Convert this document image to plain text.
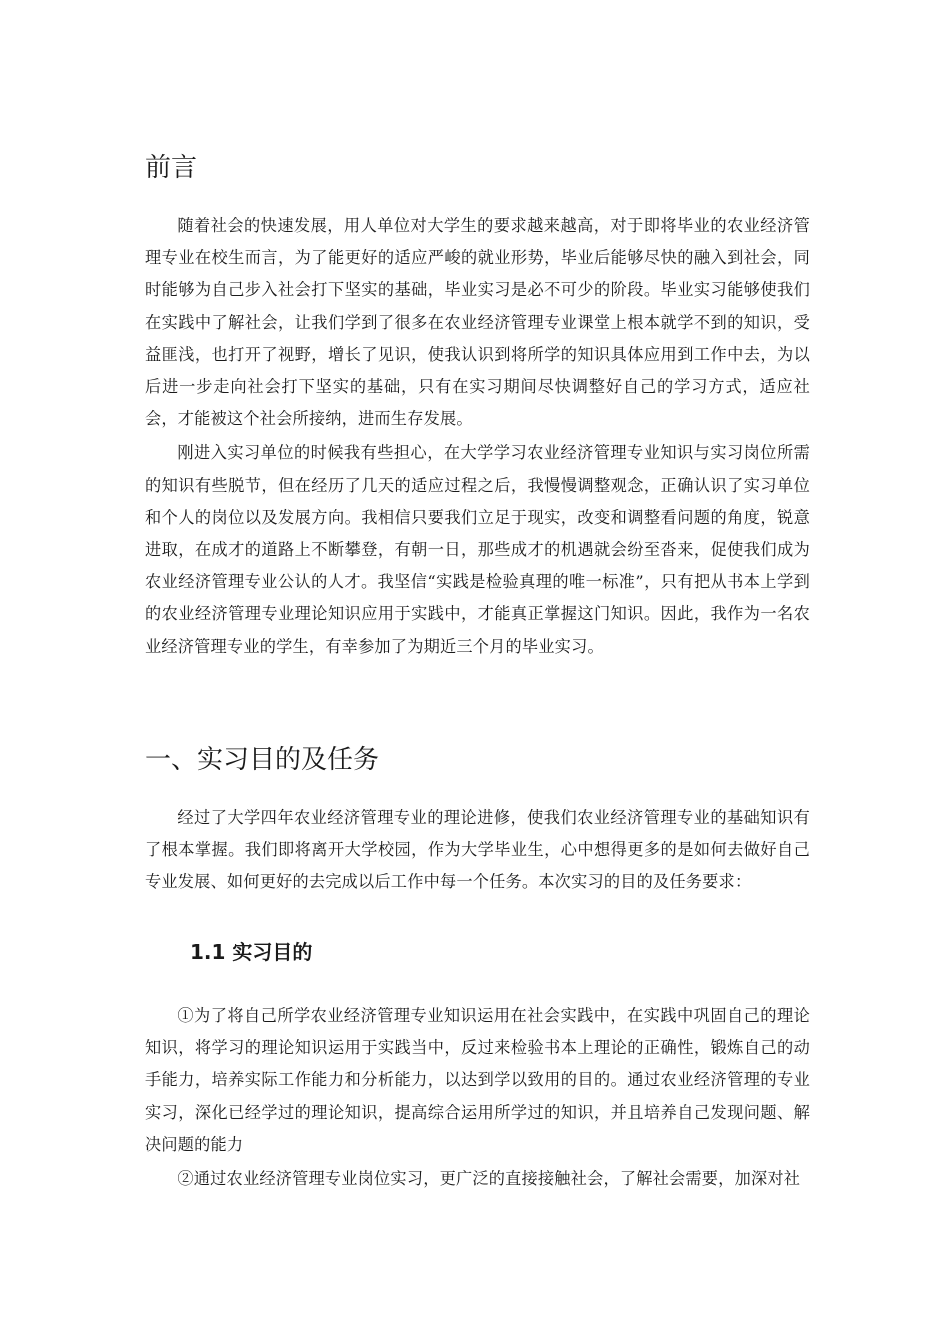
前言

随着社会的快速发展，用人单位对大学生的要求越来越高，对于即将毕业的农业经济管理专业在校生而言，为了能更好的适应严峻的就业形势，毕业后能够尽快的融入到社会，同时能够为自己步入社会打下坚实的基础，毕业实习是必不可少的阶段。毕业实习能够使我们在实践中了解社会，让我们学到了很多在农业经济管理专业课堂上根本就学不到的知识，受益匪浅，也打开了视野，增长了见识，使我认识到将所学的知识具体应用到工作中去，为以后进一步走向社会打下坚实的基础，只有在实习期间尽快调整好自己的学习方式，适应社会，才能被这个社会所接纳，进而生存发展。

刚进入实习单位的时候我有些担心，在大学学习农业经济管理专业知识与实习岗位所需的知识有些脱节，但在经历了几天的适应过程之后，我慢慢调整观念，正确认识了实习单位和个人的岗位以及发展方向。我相信只要我们立足于现实，改变和调整看问题的角度，锐意进取，在成才的道路上不断攀登，有朝一日，那些成才的机遇就会纷至沓来，促使我们成为农业经济管理专业公认的人才。我坚信“实践是检验真理的唯一标准”，只有把从书本上学到的农业经济管理专业理论知识应用于实践中，才能真正掌握这门知识。因此，我作为一名农业经济管理专业的学生，有幸参加了为期近三个月的毕业实习。

一、实习目的及任务

经过了大学四年农业经济管理专业的理论进修，使我们农业经济管理专业的基础知识有了根本掌握。我们即将离开大学校园，作为大学毕业生，心中想得更多的是如何去做好自己专业发展、如何更好的去完成以后工作中每一个任务。本次实习的目的及任务要求：

1.1 实习目的

①为了将自己所学农业经济管理专业知识运用在社会实践中，在实践中巩固自己的理论知识，将学习的理论知识运用于实践当中，反过来检验书本上理论的正确性，锻炼自己的动手能力，培养实际工作能力和分析能力，以达到学以致用的目的。通过农业经济管理的专业实习，深化已经学过的理论知识，提高综合运用所学过的知识，并且培养自己发现问题、解决问题的能力

②通过农业经济管理专业岗位实习，更广泛的直接接触社会，了解社会需要，加深对社
